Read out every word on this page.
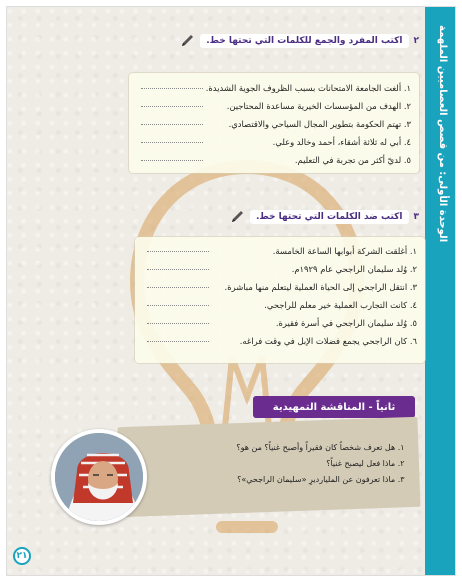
الوحدة الأولى: من قصص العصاميين الملهمة
٢
اكتب المفرد والجمع للكلمات التي تحتها خط.
١. ألغت الجامعة الامتحانات بسبب الظروف الجوية الشديدة.
٢. الهدف من المؤسسات الخيرية مساعدة المحتاجين.
٣. تهتم الحكومة بتطوير المجال السياحي والاقتصادي.
٤. أبي له ثلاثة أشقاء، أحمد وخالد وعلي.
٥. لديّ أكثر من تجربة في التعليم.
٣
اكتب ضد الكلمات التي تحتها خط.
١. أغلقت الشركة أبوابها الساعة الخامسة.
٢. وُلد سليمان الراجحي عام ١٩٢٩م.
٣. انتقل الراجحي إلى الحياة العملية ليتعلم منها مباشرة.
٤. كانت التجارب العملية خير معلم للراجحي.
٥. وُلد سليمان الراجحي في أسرة فقيرة.
٦. كان الراجحي يجمع فضلات الإبل في وقت فراغه.
ثانياً - المناقشة التمهيدية
١. هل تعرف شخصاً كان فقيراً وأصبح غنياً؟ من هو؟
٢. ماذا فعل ليصبح غنياً؟
٣. ماذا تعرفون عن المليارديرِ «سليمان الراجحي»؟
٢١
